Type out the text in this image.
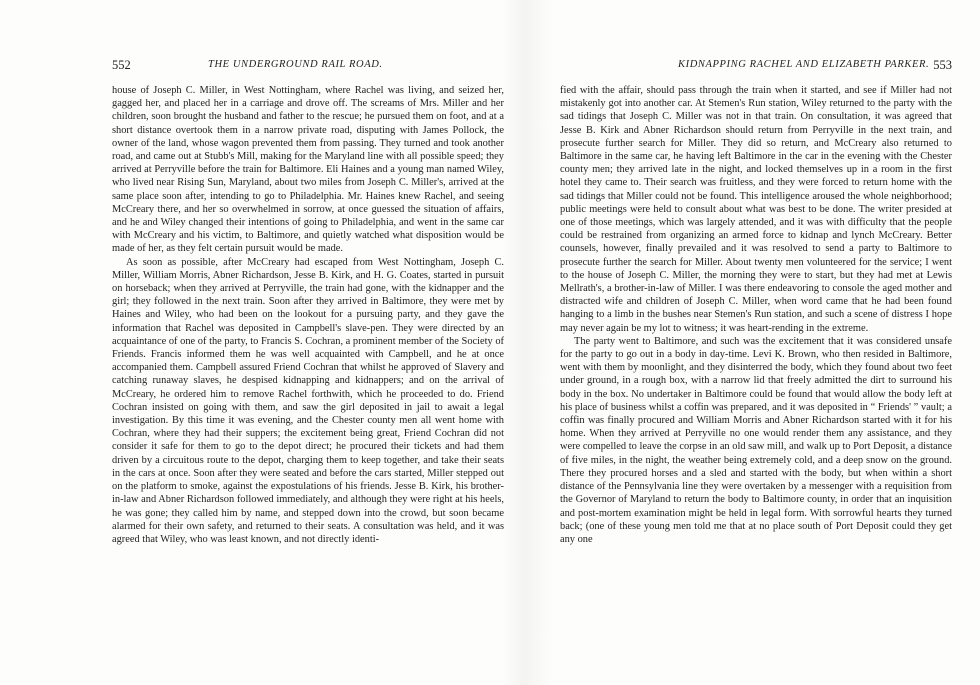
552	THE UNDERGROUND RAIL ROAD.

house of Joseph C. Miller, in West Nottingham, where Rachel was living, and seized her, gagged her, and placed her in a carriage and drove off. The screams of Mrs. Miller and her children, soon brought the husband and father to the rescue; he pursued them on foot, and at a short distance overtook them in a narrow private road, disputing with James Pollock, the owner of the land, whose wagon prevented them from passing. They turned and took another road, and came out at Stubb's Mill, making for the Maryland line with all possible speed; they arrived at Perryville before the train for Baltimore. Eli Haines and a young man named Wiley, who lived near Rising Sun, Maryland, about two miles from Joseph C. Miller's, arrived at the same place soon after, intending to go to Philadelphia. Mr. Haines knew Rachel, and seeing McCreary there, and her so overwhelmed in sorrow, at once guessed the situation of affairs, and he and Wiley changed their intentions of going to Philadelphia, and went in the same car with McCreary and his victim, to Baltimore, and quietly watched what disposition would be made of her, as they felt certain pursuit would be made.

As soon as possible, after McCreary had escaped from West Nottingham, Joseph C. Miller, William Morris, Abner Richardson, Jesse B. Kirk, and H. G. Coates, started in pursuit on horseback; when they arrived at Perryville, the train had gone, with the kidnapper and the girl; they followed in the next train. Soon after they arrived in Baltimore, they were met by Haines and Wiley, who had been on the lookout for a pursuing party, and they gave the information that Rachel was deposited in Campbell's slave-pen. They were directed by an acquaintance of one of the party, to Francis S. Cochran, a prominent member of the Society of Friends. Francis informed them he was well acquainted with Campbell, and he at once accompanied them. Campbell assured Friend Cochran that whilst he approved of Slavery and catching runaway slaves, he despised kidnapping and kidnappers; and on the arrival of McCreary, he ordered him to remove Rachel forthwith, which he proceeded to do. Friend Cochran insisted on going with them, and saw the girl deposited in jail to await a legal investigation. By this time it was evening, and the Chester county men all went home with Cochran, where they had their suppers; the excitement being great, Friend Cochran did not consider it safe for them to go to the depot direct; he procured their tickets and had them driven by a circuitous route to the depot, charging them to keep together, and take their seats in the cars at once. Soon after they were seated and before the cars started, Miller stepped out on the platform to smoke, against the expostulations of his friends. Jesse B. Kirk, his brother-in-law and Abner Richardson followed immediately, and although they were right at his heels, he was gone; they called him by name, and stepped down into the crowd, but soon became alarmed for their own safety, and returned to their seats. A consultation was held, and it was agreed that Wiley, who was least known, and not directly identi-

KIDNAPPING RACHEL AND ELIZABETH PARKER. 553

fied with the affair, should pass through the train when it started, and see if Miller had not mistakenly got into another car. At Stemen's Run station, Wiley returned to the party with the sad tidings that Joseph C. Miller was not in that train. On consultation, it was agreed that Jesse B. Kirk and Abner Richardson should return from Perryville in the next train, and prosecute further search for Miller. They did so return, and McCreary also returned to Baltimore in the same car, he having left Baltimore in the car in the evening with the Chester county men; they arrived late in the night, and locked themselves up in a room in the first hotel they came to. Their search was fruitless, and they were forced to return home with the sad tidings that Miller could not be found. This intelligence aroused the whole neighborhood; public meetings were held to consult about what was best to be done. The writer presided at one of those meetings, which was largely attended, and it was with difficulty that the people could be restrained from organizing an armed force to kidnap and lynch McCreary. Better counsels, however, finally prevailed and it was resolved to send a party to Baltimore to prosecute further the search for Miller. About twenty men volunteered for the service; I went to the house of Joseph C. Miller, the morning they were to start, but they had met at Lewis Mellrath's, a brother-in-law of Miller. I was there endeavoring to console the aged mother and distracted wife and children of Joseph C. Miller, when word came that he had been found hanging to a limb in the bushes near Stemen's Run station, and such a scene of distress I hope may never again be my lot to witness; it was heart-rending in the extreme.

The party went to Baltimore, and such was the excitement that it was considered unsafe for the party to go out in a body in day-time. Levi K. Brown, who then resided in Baltimore, went with them by moonlight, and they disinterred the body, which they found about two feet under ground, in a rough box, with a narrow lid that freely admitted the dirt to surround his body in the box. No undertaker in Baltimore could be found that would allow the body left at his place of business whilst a coffin was prepared, and it was deposited in “ Friends' ” vault; a coffin was finally procured and William Morris and Abner Richardson started with it for his home. When they arrived at Perryville no one would render them any assistance, and they were compelled to leave the corpse in an old saw mill, and walk up to Port Deposit, a distance of five miles, in the night, the weather being extremely cold, and a deep snow on the ground. There they procured horses and a sled and started with the body, but when within a short distance of the Pennsylvania line they were overtaken by a messenger with a requisition from the Governor of Maryland to return the body to Baltimore county, in order that an inquisition and post-mortem examination might be held in legal form. With sorrowful hearts they turned back; (one of these young men told me that at no place south of Port Deposit could they get any one
